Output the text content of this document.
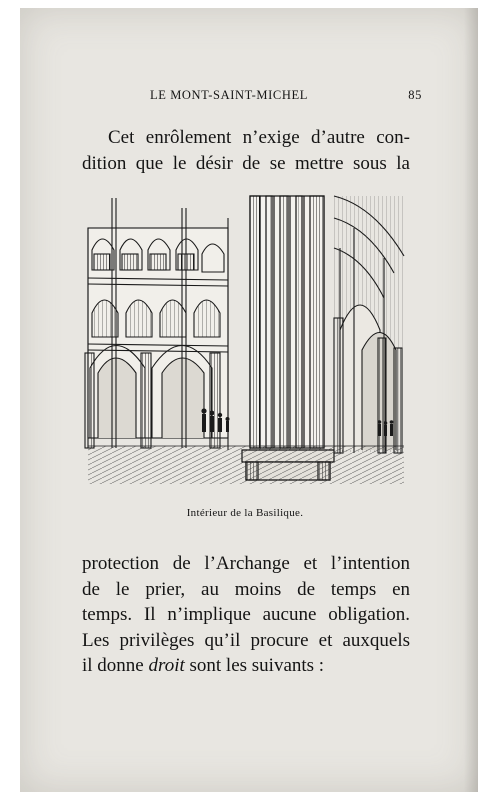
LE MONT-SAINT-MICHEL	85
Cet enrôlement n’exige d’autre con-
dition que le désir de se mettre sous la
Intérieur de la Basilique.
protection de l’Archange et l’intention
de le prier, au moins de temps en
temps. Il n’implique aucune obligation.
Les privilèges qu’il procure et auxquels
il donne droit sont les suivants :
